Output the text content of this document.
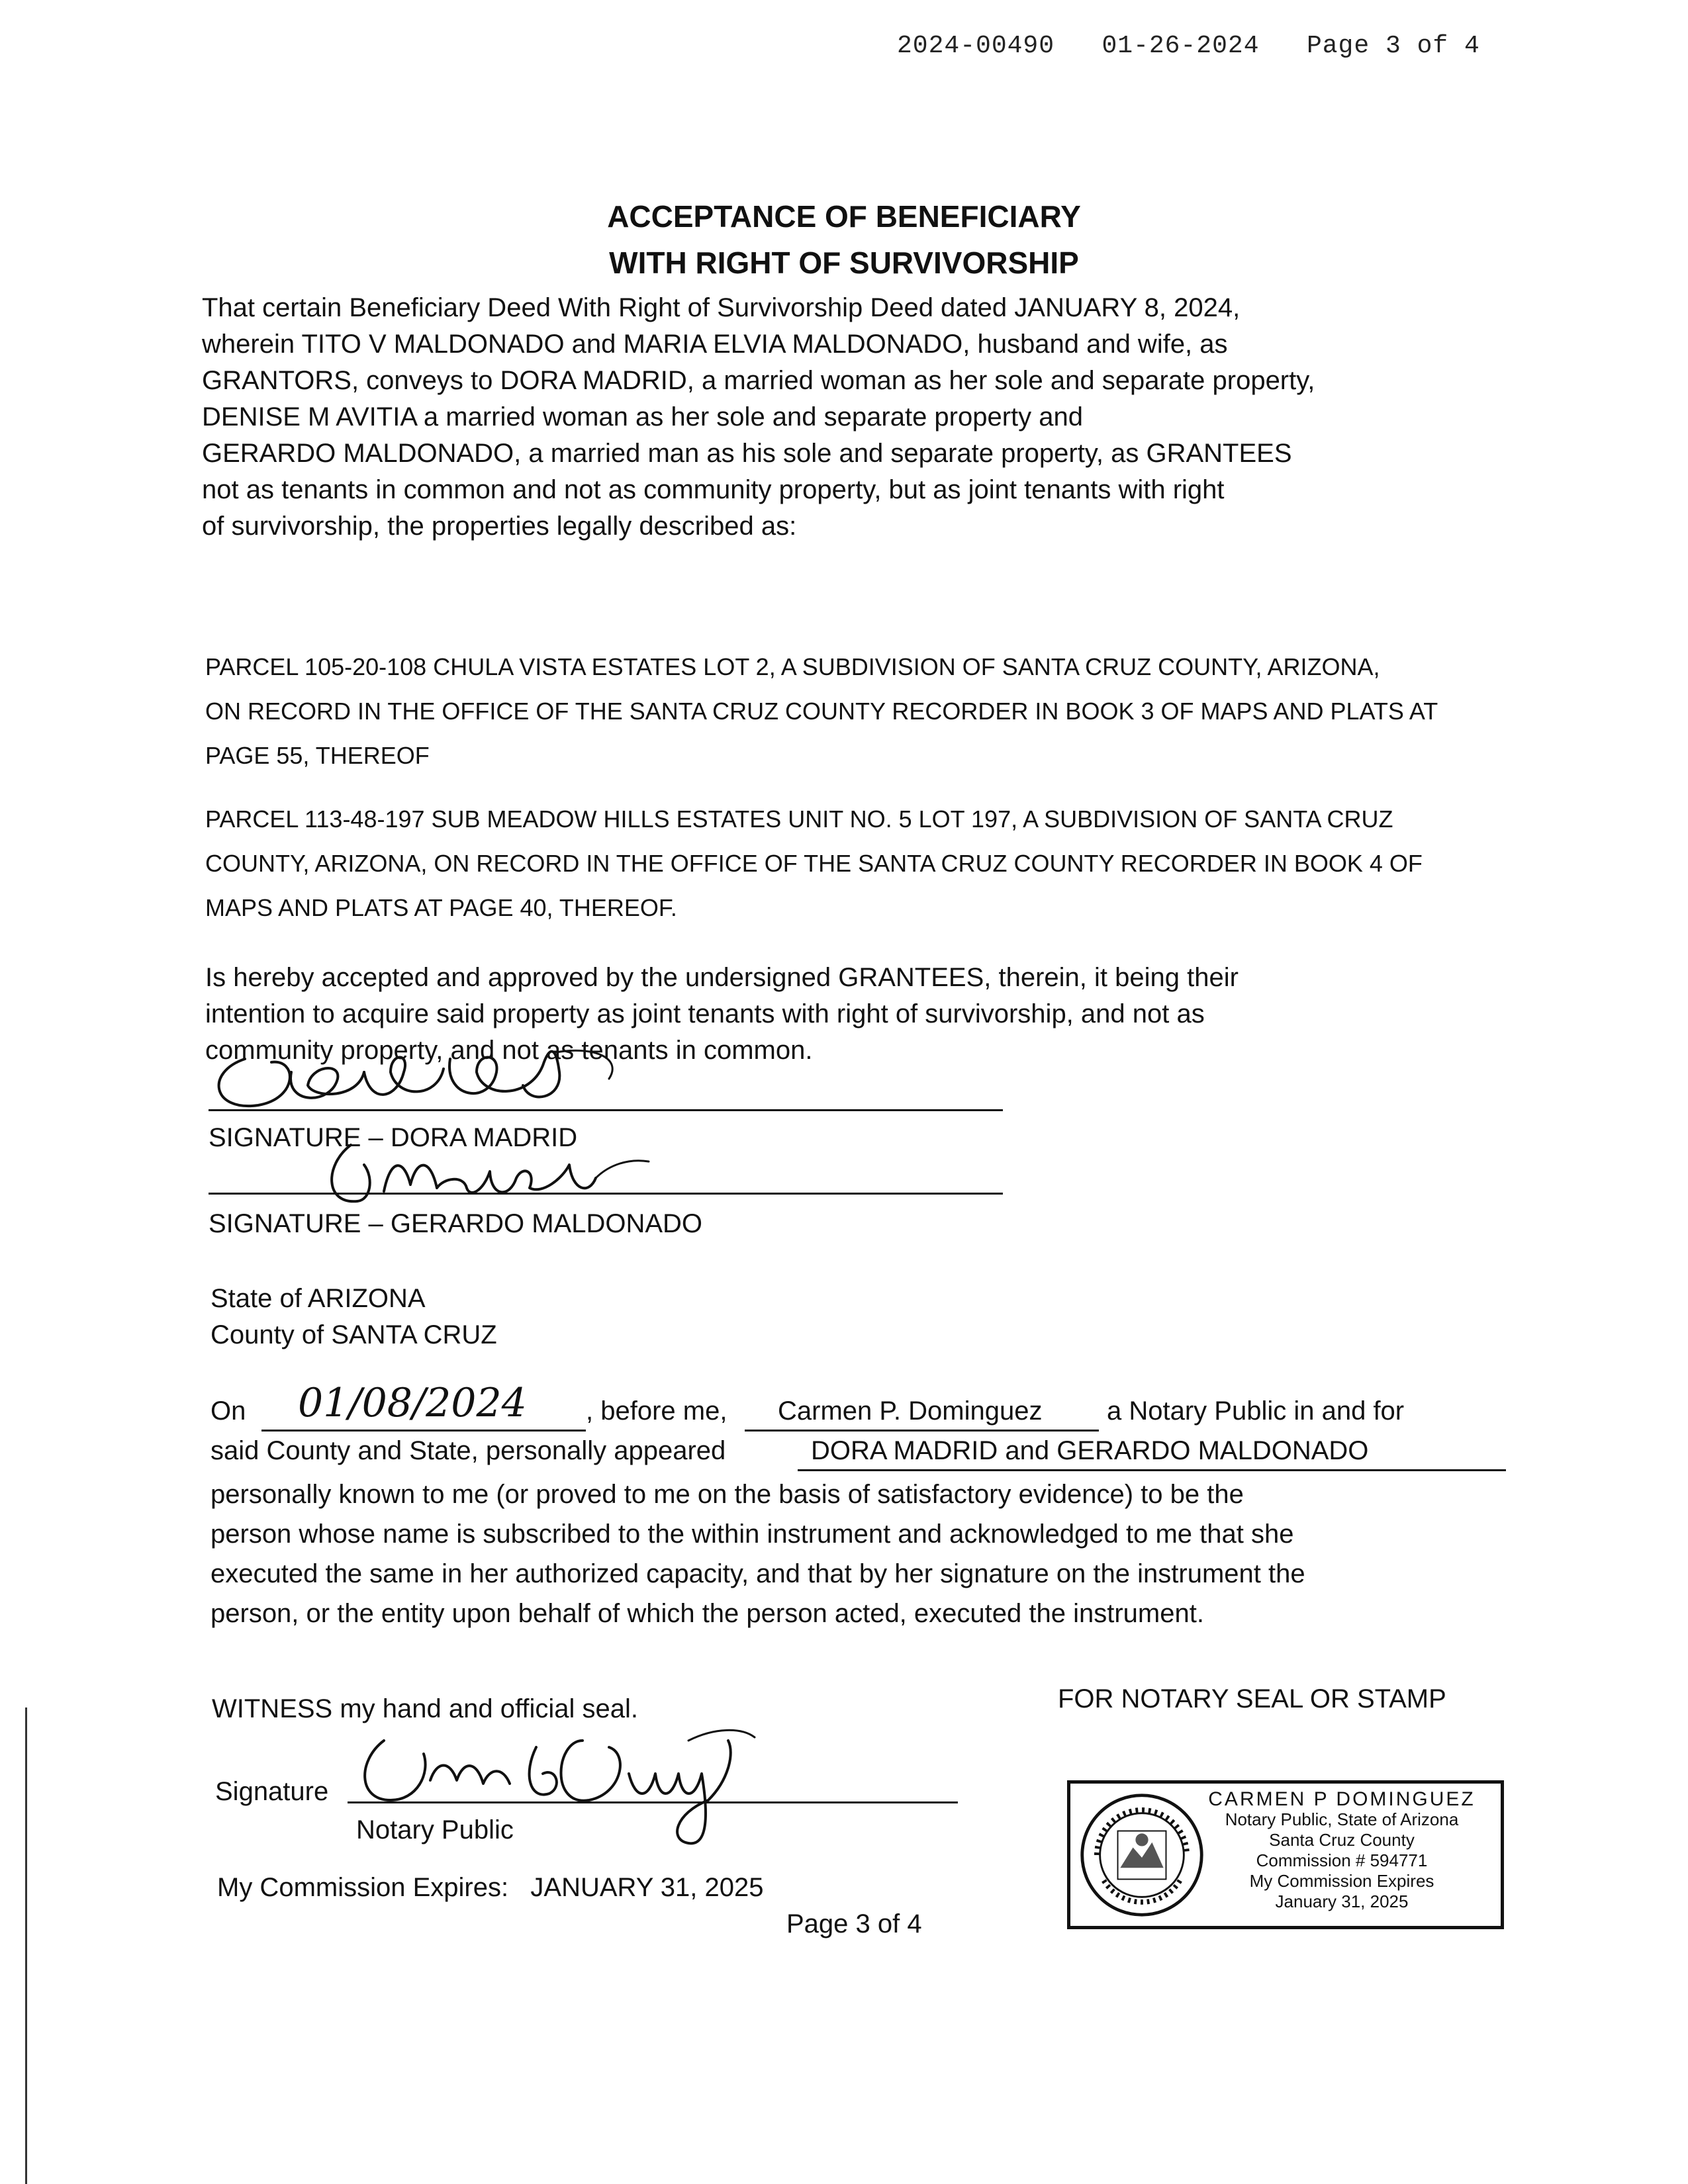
2024-00490 01-26-2024 Page 3 of 4
ACCEPTANCE OF BENEFICIARY
WITH RIGHT OF SURVIVORSHIP
That certain Beneficiary Deed With Right of Survivorship Deed dated JANUARY 8, 2024,
wherein TITO V MALDONADO and MARIA ELVIA MALDONADO, husband and wife, as
GRANTORS, conveys to DORA MADRID, a married woman as her sole and separate property,
DENISE M AVITIA a married woman as her sole and separate property and
GERARDO MALDONADO, a married man as his sole and separate property, as GRANTEES
not as tenants in common and not as community property, but as joint tenants with right
of survivorship, the properties legally described as:
PARCEL 105-20-108 CHULA VISTA ESTATES LOT 2, A SUBDIVISION OF SANTA CRUZ COUNTY, ARIZONA,
ON RECORD IN THE OFFICE OF THE SANTA CRUZ COUNTY RECORDER IN BOOK 3 OF MAPS AND PLATS AT
PAGE 55, THEREOF
PARCEL 113-48-197 SUB MEADOW HILLS ESTATES UNIT NO. 5 LOT 197, A SUBDIVISION OF SANTA CRUZ
COUNTY, ARIZONA, ON RECORD IN THE OFFICE OF THE SANTA CRUZ COUNTY RECORDER IN BOOK 4 OF
MAPS AND PLATS AT PAGE 40, THEREOF.
Is hereby accepted and approved by the undersigned GRANTEES, therein, it being their
intention to acquire said property as joint tenants with right of survivorship, and not as
community property, and not as tenants in common.
SIGNATURE – DORA MADRID
SIGNATURE – GERARDO MALDONADO
State of ARIZONA
County of SANTA CRUZ
On 01/08/2024 , before me, Carmen P. Dominguez a Notary Public in and for
said County and State, personally appeared	DORA MADRID and GERARDO MALDONADO
personally known to me (or proved to me on the basis of satisfactory evidence) to be the
person whose name is subscribed to the within instrument and acknowledged to me that she
executed the same in her authorized capacity, and that by her signature on the instrument the
person, or the entity upon behalf of which the person acted, executed the instrument.
WITNESS my hand and official seal.	FOR NOTARY SEAL OR STAMP
Signature
Notary Public
My Commission Expires: JANUARY 31, 2025
Page 3 of 4
CARMEN P DOMINGUEZ
Notary Public, State of Arizona
Santa Cruz County
Commission # 594771
My Commission Expires
January 31, 2025
